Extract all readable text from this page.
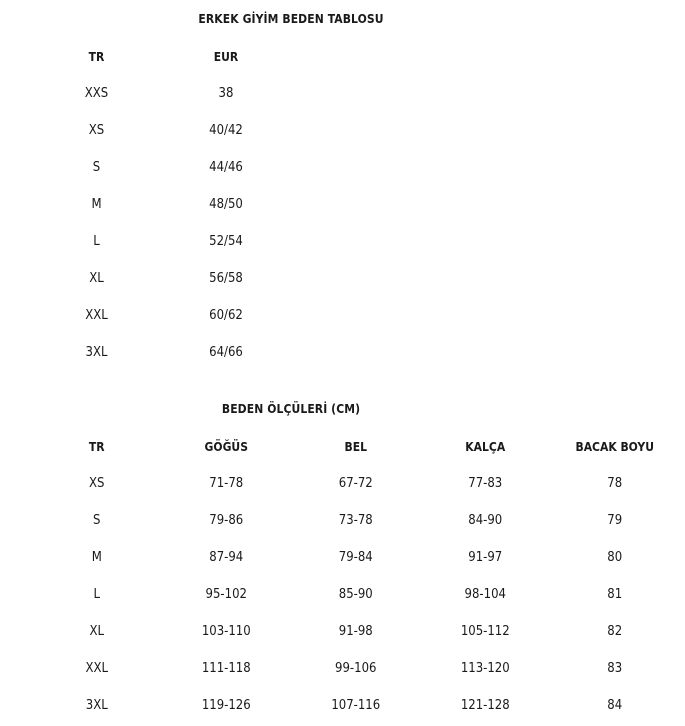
ERKEK GİYİM BEDEN TABLOSU
TR	EUR
XXS	38
XS	40/42
S	44/46
M	48/50
L	52/54
XL	56/58
XXL	60/62
3XL	64/66
BEDEN ÖLÇÜLERİ (CM)
TR	GÖĞÜS	BEL	KALÇA	BACAK BOYU
XS	71-78	67-72	77-83	78
S	79-86	73-78	84-90	79
M	87-94	79-84	91-97	80
L	95-102	85-90	98-104	81
XL	103-110	91-98	105-112	82
XXL	111-118	99-106	113-120	83
3XL	119-126	107-116	121-128	84
